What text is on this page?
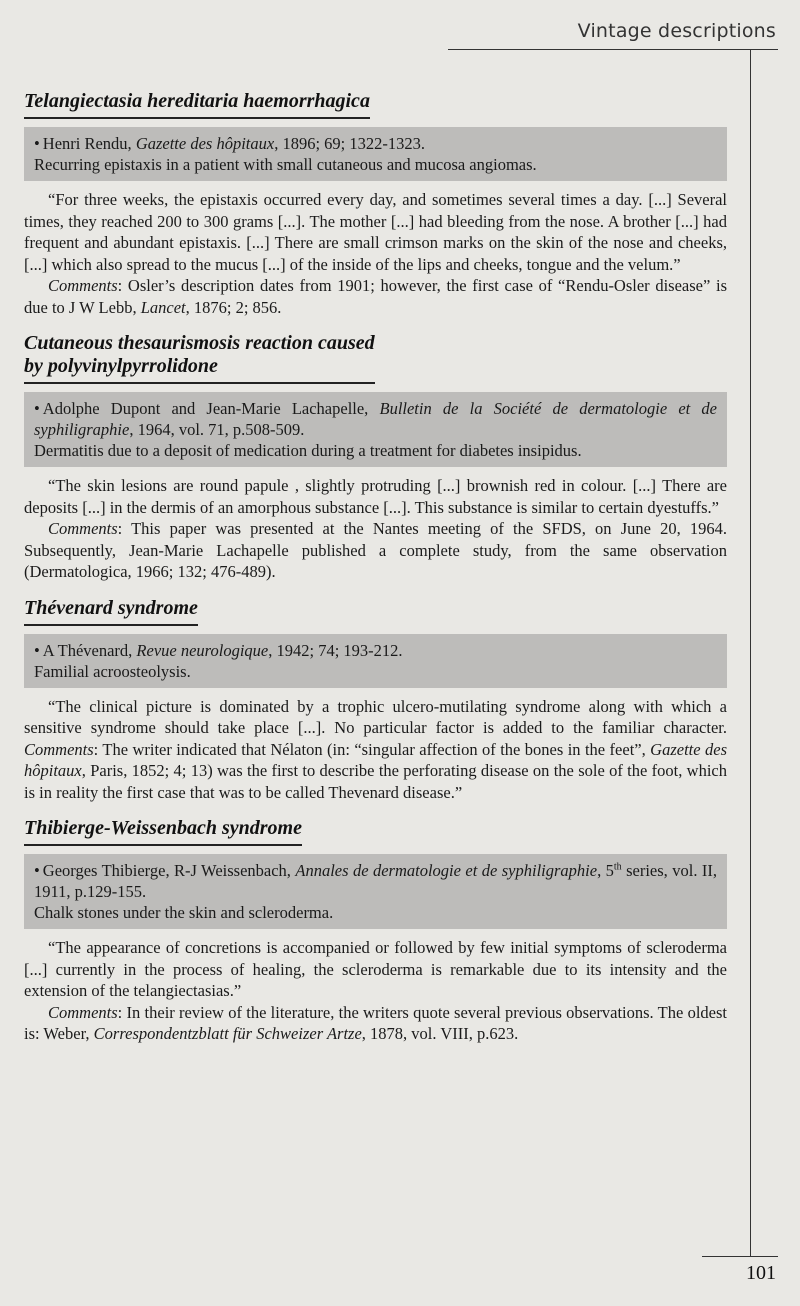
Vintage descriptions
101
Telangiectasia hereditaria haemorrhagica
• Henri Rendu, Gazette des hôpitaux, 1896; 69; 1322-1323.
Recurring epistaxis in a patient with small cutaneous and mucosa angiomas.

“For three weeks, the epistaxis occurred every day, and sometimes several times a day. [...] Several times, they reached 200 to 300 grams [...]. The mother [...] had bleeding from the nose. A brother [...] had frequent and abundant epistaxis. [...] There are small crimson marks on the skin of the nose and cheeks, [...] which also spread to the mucus [...] of the inside of the lips and cheeks, tongue and the velum.”

Comments: Osler’s description dates from 1901; however, the first case of “Rendu-Osler disease” is due to J W Lebb, Lancet, 1876; 2; 856.

Cutaneous thesaurismosis reaction caused
by polyvinylpyrrolidone
• Adolphe Dupont and Jean-Marie Lachapelle, Bulletin de la Société de dermatologie et de syphiligraphie, 1964, vol. 71, p.508-509.
Dermatitis due to a deposit of medication during a treatment for diabetes insipidus.

“The skin lesions are round papule , slightly protruding [...] brownish red in colour. [...] There are deposits [...] in the dermis of an amorphous substance [...]. This substance is similar to certain dyestuffs.”

Comments: This paper was presented at the Nantes meeting of the SFDS, on June 20, 1964. Subsequently, Jean-Marie Lachapelle published a complete study, from the same observation (Dermatologica, 1966; 132; 476-489).

Thévenard syndrome
• A Thévenard, Revue neurologique, 1942; 74; 193-212.
Familial acroosteolysis.

“The clinical picture is dominated by a trophic ulcero-mutilating syndrome along with which a sensitive syndrome should take place [...]. No particular factor is added to the familiar character. Comments: The writer indicated that Nélaton (in: “singular affection of the bones in the feet”, Gazette des hôpitaux, Paris, 1852; 4; 13) was the first to describe the perforating disease on the sole of the foot, which is in reality the first case that was to be called Thevenard disease.”

Thibierge-Weissenbach syndrome
• Georges Thibierge, R-J Weissenbach, Annales de dermatologie et de syphiligraphie, 5th series, vol. II, 1911, p.129-155.
Chalk stones under the skin and scleroderma.

“The appearance of concretions is accompanied or followed by few initial symptoms of scleroderma [...] currently in the process of healing, the scleroderma is remarkable due to its intensity and the extension of the telangiectasias.”

Comments: In their review of the literature, the writers quote several previous observations. The oldest is: Weber, Correspondentzblatt für Schweizer Artze, 1878, vol. VIII, p.623.
